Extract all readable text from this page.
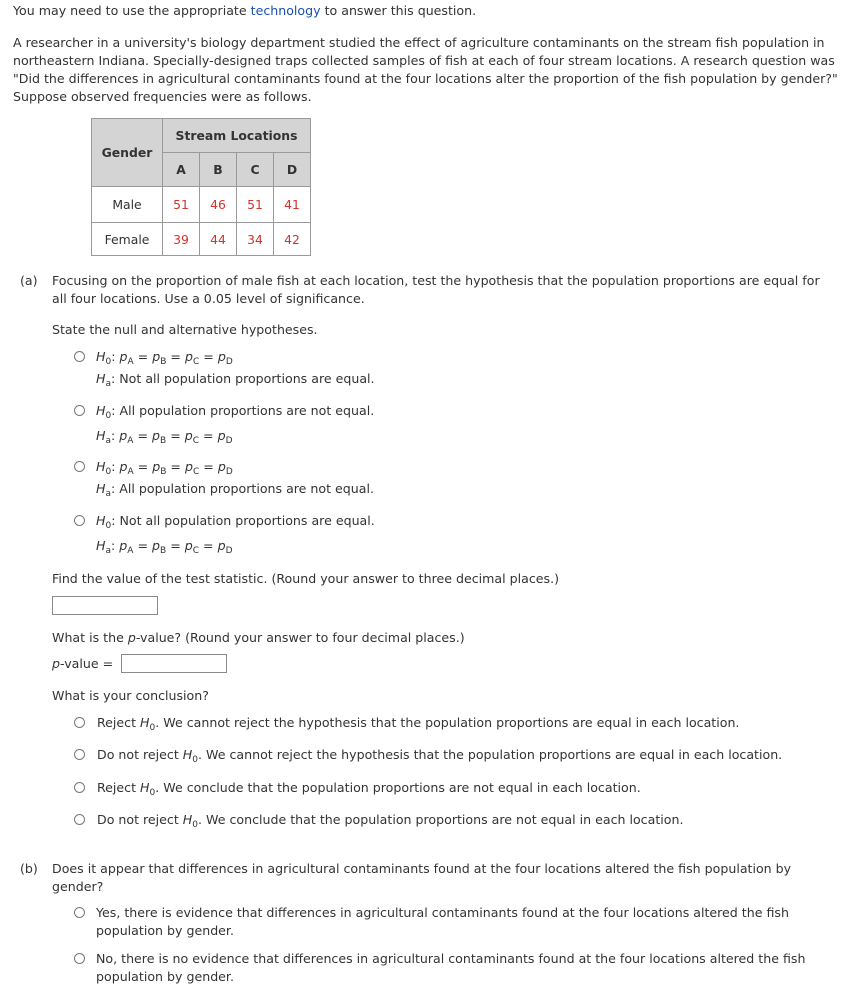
You may need to use the appropriate technology to answer this question.
A researcher in a university's biology department studied the effect of agriculture contaminants on the stream fish population in northeastern Indiana. Specially-designed traps collected samples of fish at each of four stream locations. A research question was "Did the differences in agricultural contaminants found at the four locations alter the proportion of the fish population by gender?" Suppose observed frequencies were as follows.
Gender	Stream Locations			
	A	B	C	D
Male	51	46	51	41
Female	39	44	34	42
(a) Focusing on the proportion of male fish at each location, test the hypothesis that the population proportions are equal for
all four locations. Use a 0.05 level of significance.
State the null and alternative hypotheses.
$H_0$: $p_A = p_B = p_C = p_D$
$H_a$: Not all population proportions are equal.
$H_0$: All population proportions are not equal.
$H_a$: $p_A = p_B = p_C = p_D$
$H_0$: $p_A = p_B = p_C = p_D$
$H_a$: All population proportions are not equal.
$H_0$: Not all population proportions are equal.
$H_a$: $p_A = p_B = p_C = p_D$
Find the value of the test statistic. (Round your answer to three decimal places.)
What is the p-value? (Round your answer to four decimal places.)
p-value =
What is your conclusion?
Reject $H_0$. We cannot reject the hypothesis that the population proportions are equal in each location.
Do not reject $H_0$. We cannot reject the hypothesis that the population proportions are equal in each location.
Reject $H_0$. We conclude that the population proportions are not equal in each location.
Do not reject $H_0$. We conclude that the population proportions are not equal in each location.
(b) Does it appear that differences in agricultural contaminants found at the four locations altered the fish population by
gender?
Yes, there is evidence that differences in agricultural contaminants found at the four locations altered the fish
population by gender.
No, there is no evidence that differences in agricultural contaminants found at the four locations altered the fish
population by gender.
